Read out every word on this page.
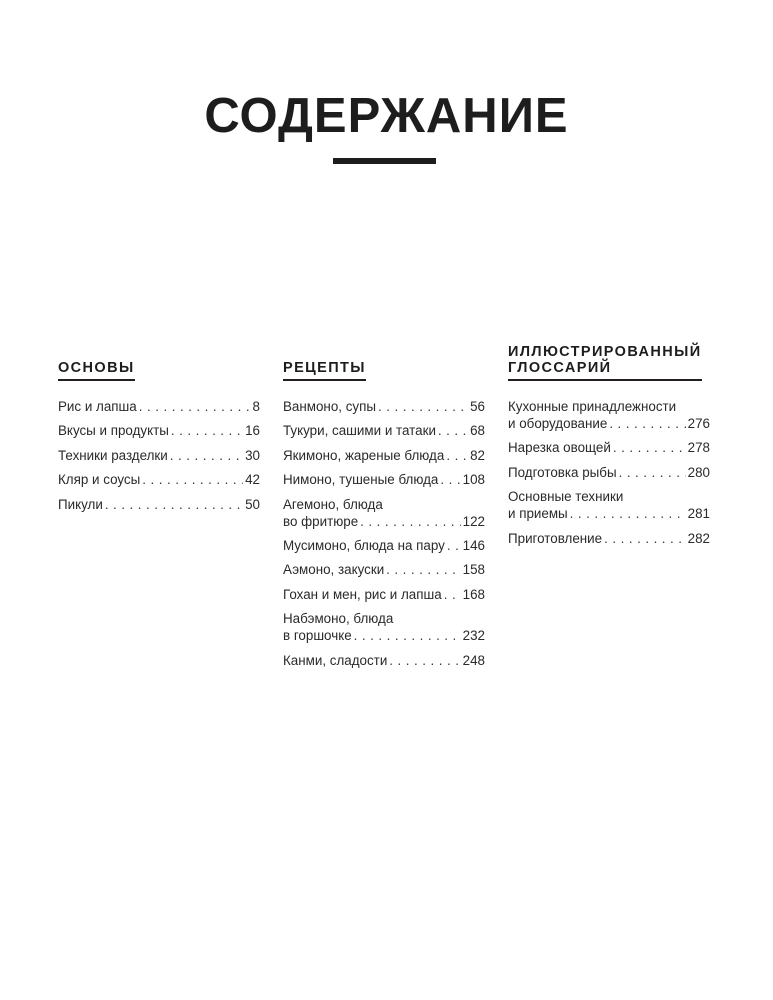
СОДЕРЖАНИЕ
ОСНОВЫ
Рис и лапша . . .	8
Вкусы и продукты . . .	16
Техники разделки . . .	30
Кляр и соусы . . .	42
Пикули . . .	50
РЕЦЕПТЫ
Ванмоно, супы . . .	56
Тукури, сашими и татаки . . .	68
Якимоно, жареные блюда . . . 82
Нимоно, тушеные блюда . . . 108
Агемоно, блюда
во фритюре . . .	122
Мусимоно, блюда на пару . . . 146
Аэмоно, закуски . . .	158
Гохан и мен, рис и лапша . . . 168
Набэмоно, блюда
в горшочке . . .	232
Канми, сладости . . .	248
ИЛЛЮСТРИРОВАННЫЙ
ГЛОССАРИЙ
Кухонные принадлежности
и оборудование . . .	276
Нарезка овощей . . .	278
Подготовка рыбы . . .	280
Основные техники
и приемы . . .	281
Приготовление . . .	282
